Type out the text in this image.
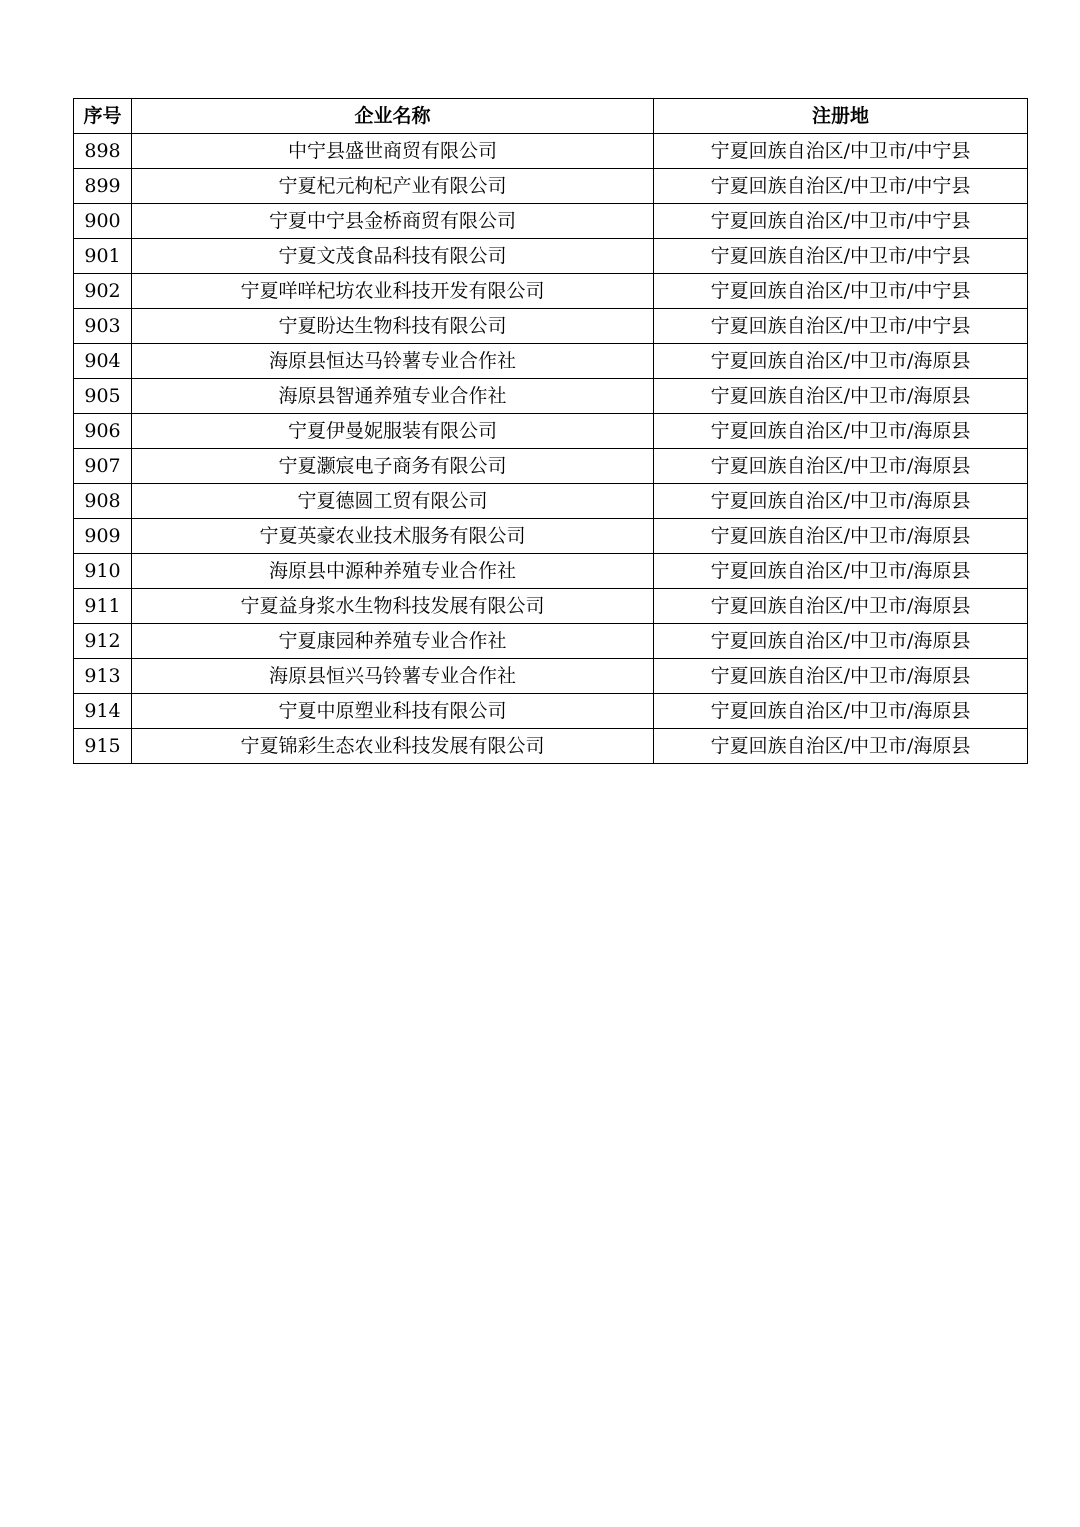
序号	企业名称	注册地
898	中宁县盛世商贸有限公司	宁夏回族自治区/中卫市/中宁县
899	宁夏杞元枸杞产业有限公司	宁夏回族自治区/中卫市/中宁县
900	宁夏中宁县金桥商贸有限公司	宁夏回族自治区/中卫市/中宁县
901	宁夏文茂食品科技有限公司	宁夏回族自治区/中卫市/中宁县
902	宁夏咩咩杞坊农业科技开发有限公司	宁夏回族自治区/中卫市/中宁县
903	宁夏盼达生物科技有限公司	宁夏回族自治区/中卫市/中宁县
904	海原县恒达马铃薯专业合作社	宁夏回族自治区/中卫市/海原县
905	海原县智通养殖专业合作社	宁夏回族自治区/中卫市/海原县
906	宁夏伊曼妮服装有限公司	宁夏回族自治区/中卫市/海原县
907	宁夏灏宸电子商务有限公司	宁夏回族自治区/中卫市/海原县
908	宁夏德圆工贸有限公司	宁夏回族自治区/中卫市/海原县
909	宁夏英豪农业技术服务有限公司	宁夏回族自治区/中卫市/海原县
910	海原县中源种养殖专业合作社	宁夏回族自治区/中卫市/海原县
911	宁夏益身浆水生物科技发展有限公司	宁夏回族自治区/中卫市/海原县
912	宁夏康园种养殖专业合作社	宁夏回族自治区/中卫市/海原县
913	海原县恒兴马铃薯专业合作社	宁夏回族自治区/中卫市/海原县
914	宁夏中原塑业科技有限公司	宁夏回族自治区/中卫市/海原县
915	宁夏锦彩生态农业科技发展有限公司	宁夏回族自治区/中卫市/海原县
